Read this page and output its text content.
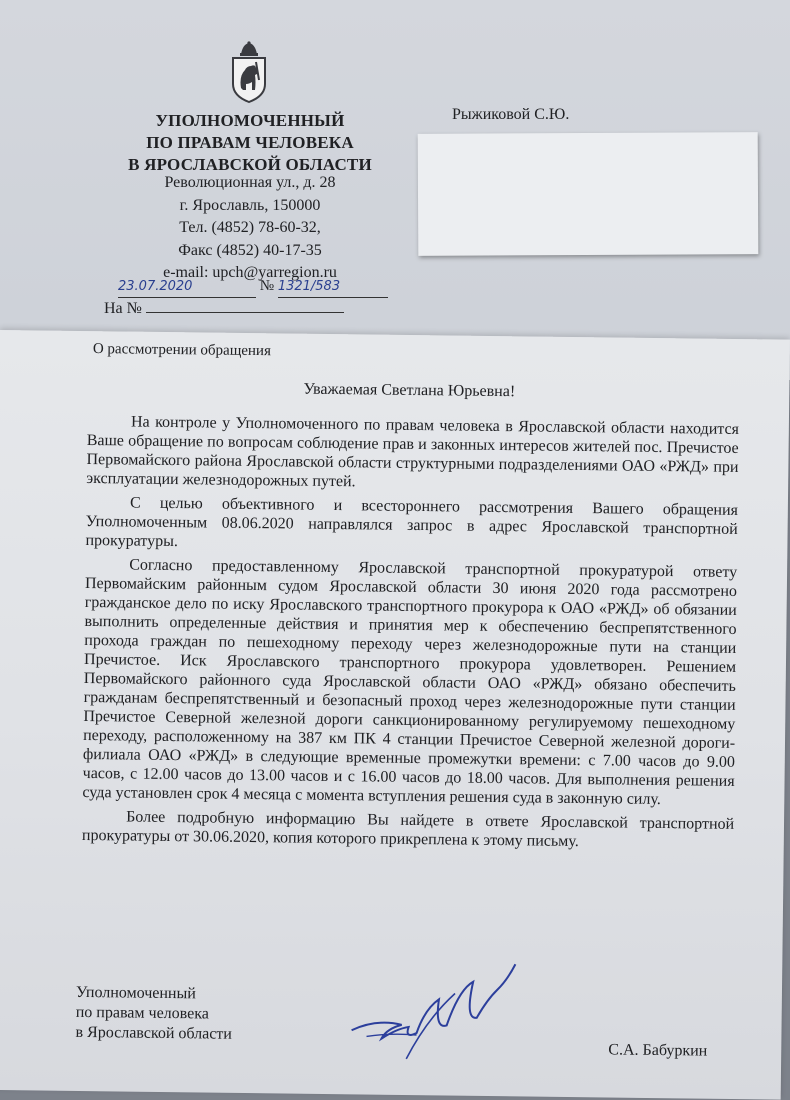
УПОЛНОМОЧЕННЫЙ
ПО ПРАВАМ ЧЕЛОВЕКА
В ЯРОСЛАВСКОЙ ОБЛАСТИ
Революционная ул., д. 28
г. Ярославль, 150000
Тел. (4852) 78-60-32,
Факс (4852) 40-17-35
e-mail: upch@yarregion.ru
Рыжиковой С.Ю.
23.07.2020	№ 1321/583
На №
О рассмотрении обращения
Уважаемая Светлана Юрьевна!

На контроле у Уполномоченного по правам человека в Ярославской области находится Ваше обращение по вопросам соблюдение прав и законных интересов жителей пос. Пречистое Первомайского района Ярославской области структурными подразделениями ОАО «РЖД» при эксплуатации железнодорожных путей.

С целью объективного и всестороннего рассмотрения Вашего обращения Уполномоченным 08.06.2020 направлялся запрос в адрес Ярославской транспортной прокуратуры.

Согласно предоставленному Ярославской транспортной прокуратурой ответу Первомайским районным судом Ярославской области 30 июня 2020 года рассмотрено гражданское дело по иску Ярославского транспортного прокурора к ОАО «РЖД» об обязании выполнить определенные действия и принятия мер к обеспечению беспрепятственного прохода граждан по пешеходному переходу через железнодорожные пути на станции Пречистое. Иск Ярославского транспортного прокурора удовлетворен. Решением Первомайского районного суда Ярославской области ОАО «РЖД» обязано обеспечить гражданам беспрепятственный и безопасный проход через железнодорожные пути станции Пречистое Северной железной дороги санкционированному регулируемому пешеходному переходу, расположенному на 387 км ПК 4 станции Пречистое Северной железной дороги-филиала ОАО «РЖД» в следующие временные промежутки времени: с 7.00 часов до 9.00 часов, с 12.00 часов до 13.00 часов и с 16.00 часов до 18.00 часов. Для выполнения решения суда установлен срок 4 месяца с момента вступления решения суда в законную силу.

Более подробную информацию Вы найдете в ответе Ярославской транспортной прокуратуры от 30.06.2020, копия которого прикреплена к этому письму.

Уполномоченный
по правам человека
в Ярославской области
С.А. Бабуркин
